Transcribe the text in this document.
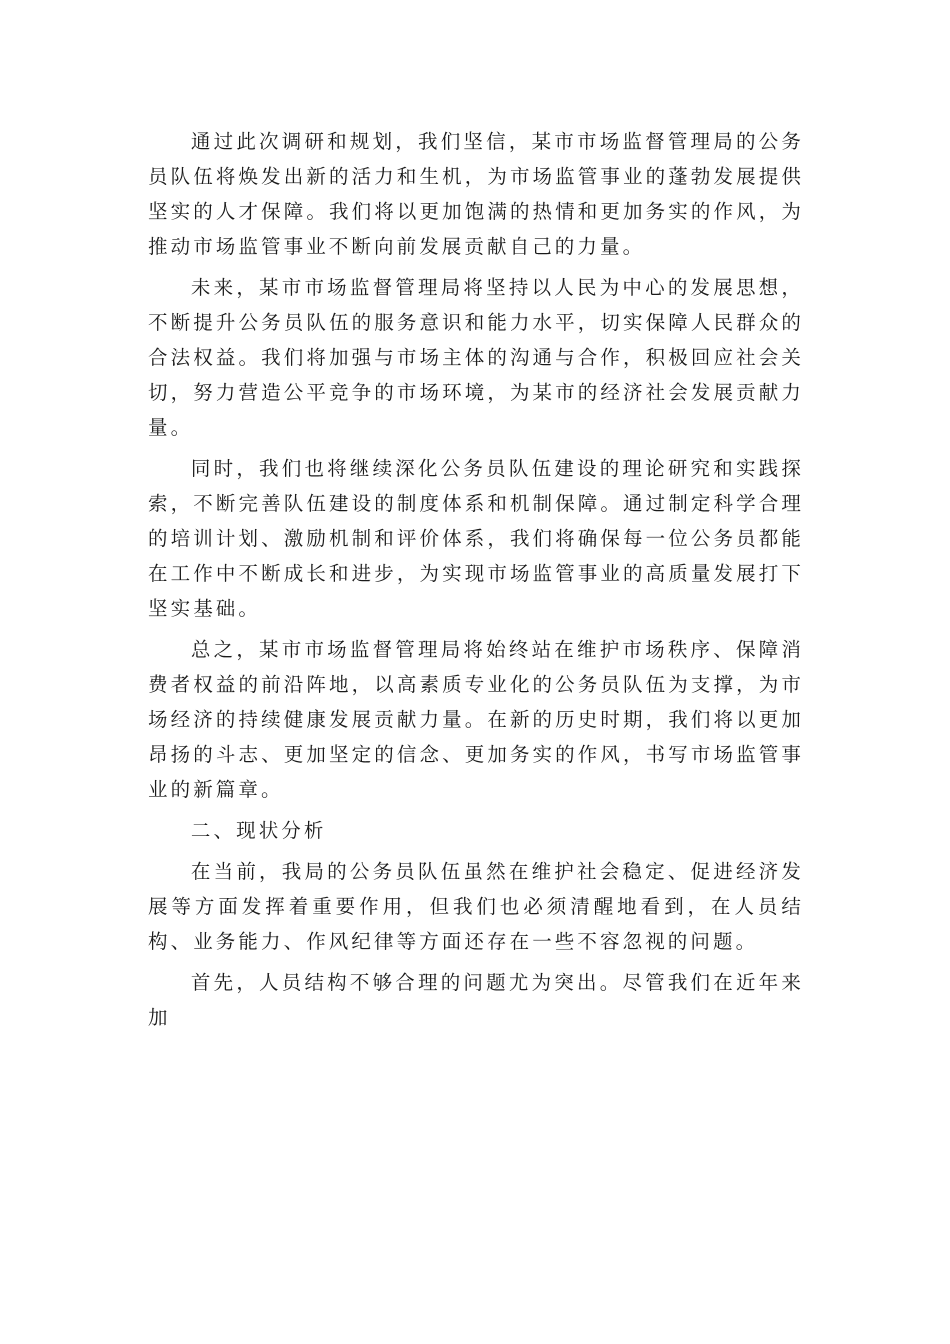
通过此次调研和规划，我们坚信，某市市场监督管理局的公务员队伍将焕发出新的活力和生机，为市场监管事业的蓬勃发展提供坚实的人才保障。我们将以更加饱满的热情和更加务实的作风，为推动市场监管事业不断向前发展贡献自己的力量。

未来，某市市场监督管理局将坚持以人民为中心的发展思想，不断提升公务员队伍的服务意识和能力水平，切实保障人民群众的合法权益。我们将加强与市场主体的沟通与合作，积极回应社会关切，努力营造公平竞争的市场环境，为某市的经济社会发展贡献力量。

同时，我们也将继续深化公务员队伍建设的理论研究和实践探索，不断完善队伍建设的制度体系和机制保障。通过制定科学合理的培训计划、激励机制和评价体系，我们将确保每一位公务员都能在工作中不断成长和进步，为实现市场监管事业的高质量发展打下坚实基础。

总之，某市市场监督管理局将始终站在维护市场秩序、保障消费者权益的前沿阵地，以高素质专业化的公务员队伍为支撑，为市场经济的持续健康发展贡献力量。在新的历史时期，我们将以更加昂扬的斗志、更加坚定的信念、更加务实的作风，书写市场监管事业的新篇章。

二、现状分析

在当前，我局的公务员队伍虽然在维护社会稳定、促进经济发展等方面发挥着重要作用，但我们也必须清醒地看到，在人员结构、业务能力、作风纪律等方面还存在一些不容忽视的问题。

首先，人员结构不够合理的问题尤为突出。尽管我们在近年来加
